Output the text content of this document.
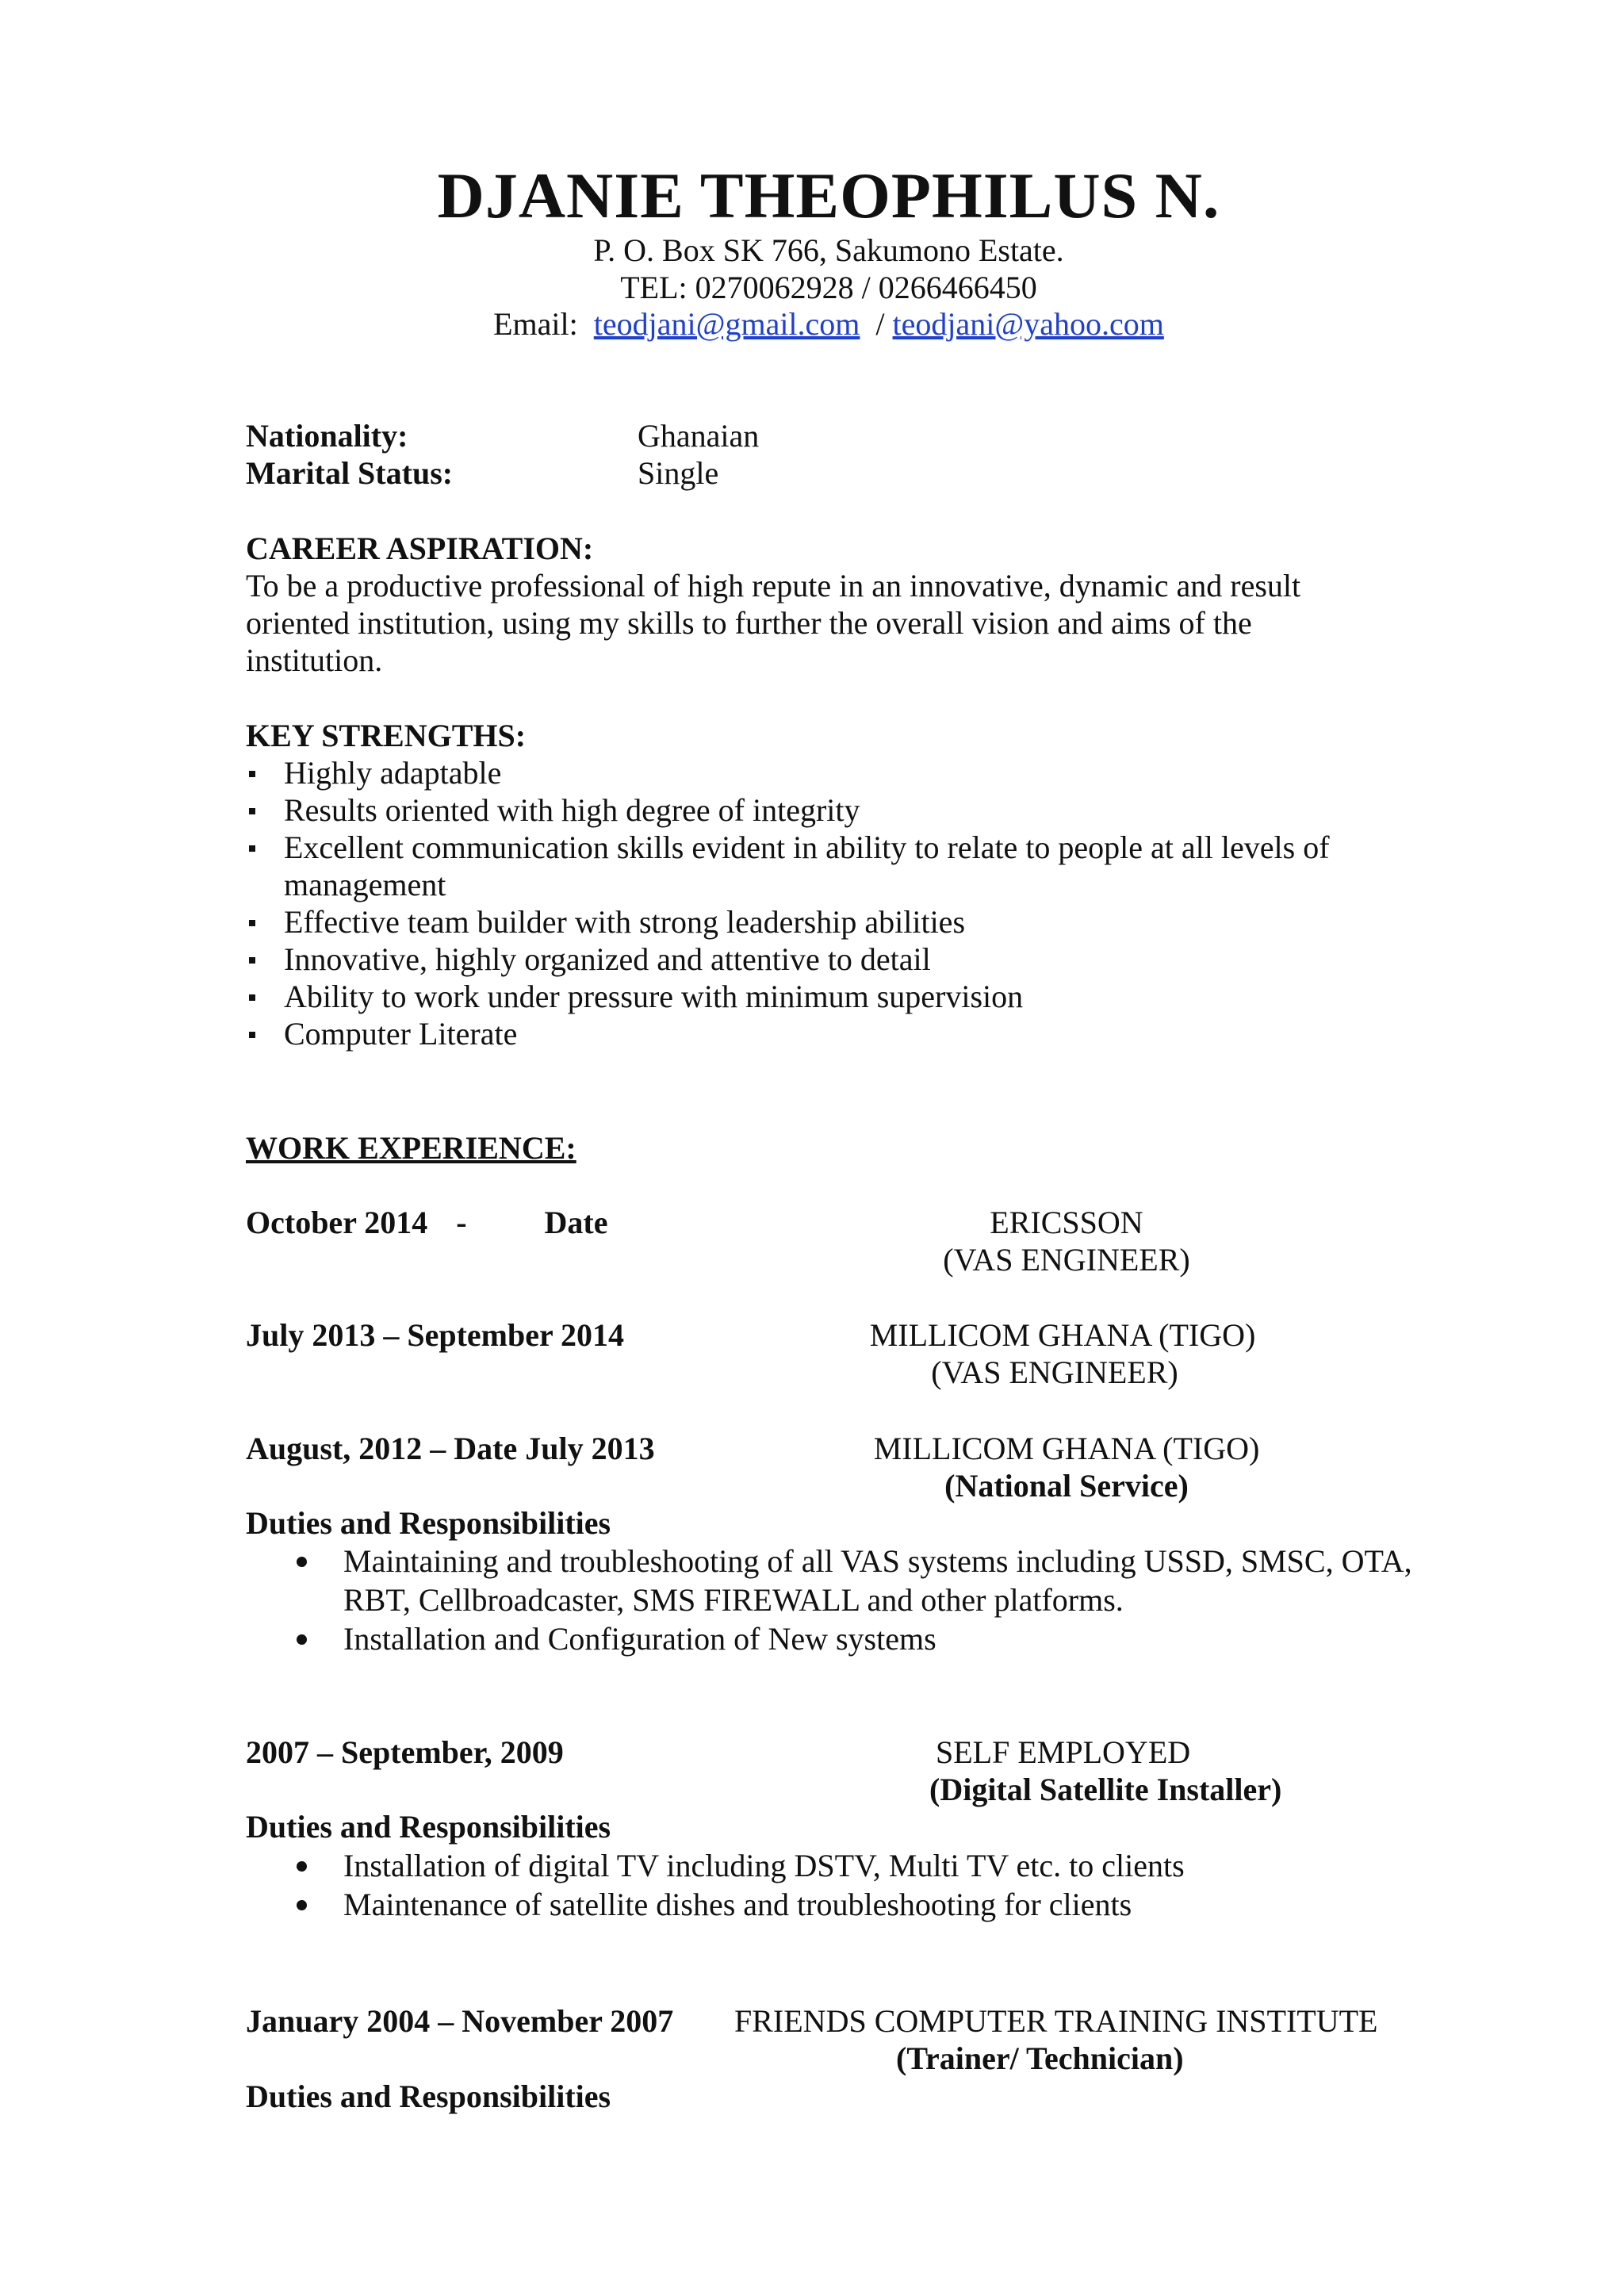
DJANIE THEOPHILUS N.
P. O. Box SK 766, Sakumono Estate.
TEL: 0270062928 / 0266466450
Email: teodjani@gmail.com / teodjani@yahoo.com
Nationality:	Ghanaian
Marital Status:	Single
CAREER ASPIRATION:
To be a productive professional of high repute in an innovative, dynamic and result oriented institution, using my skills to further the overall vision and aims of the institution.
KEY STRENGTHS:
Highly adaptable
Results oriented with high degree of integrity
Excellent communication skills evident in ability to relate to people at all levels of management
Effective team builder with strong leadership abilities
Innovative, highly organized and attentive to detail
Ability to work under pressure with minimum supervision
Computer Literate
WORK EXPERIENCE:
October 2014 - Date	ERICSSON
(VAS ENGINEER)
July 2013 – September 2014	MILLICOM GHANA (TIGO)
(VAS ENGINEER)
August, 2012 – Date July 2013	MILLICOM GHANA (TIGO)
(National Service)
Duties and Responsibilities
Maintaining and troubleshooting of all VAS systems including USSD, SMSC, OTA, RBT, Cellbroadcaster, SMS FIREWALL and other platforms.
Installation and Configuration of New systems
2007 – September, 2009	SELF EMPLOYED
(Digital Satellite Installer)
Duties and Responsibilities
Installation of digital TV including DSTV, Multi TV etc. to clients
Maintenance of satellite dishes and troubleshooting for clients
January 2004 – November 2007 FRIENDS COMPUTER TRAINING INSTITUTE
(Trainer/ Technician)
Duties and Responsibilities
